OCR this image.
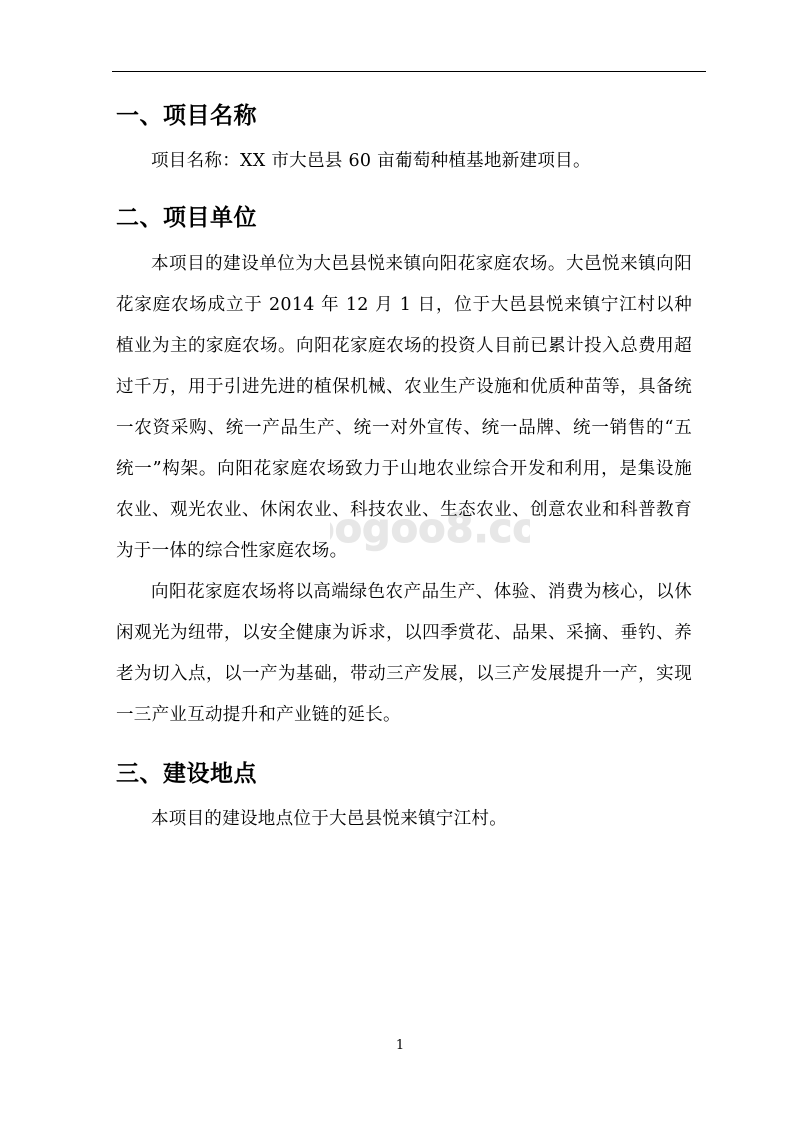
一、项目名称

项目名称：XX 市大邑县 60 亩葡萄种植基地新建项目。

二、项目单位

本项目的建设单位为大邑县悦来镇向阳花家庭农场。大邑悦来镇向阳花家庭农场成立于 2014 年 12 月 1 日，位于大邑县悦来镇宁江村以种植业为主的家庭农场。向阳花家庭农场的投资人目前已累计投入总费用超过千万，用于引进先进的植保机械、农业生产设施和优质种苗等，具备统一农资采购、统一产品生产、统一对外宣传、统一品牌、统一销售的“五统一”构架。向阳花家庭农场致力于山地农业综合开发和利用，是集设施农业、观光农业、休闲农业、科技农业、生态农业、创意农业和科普教育为于一体的综合性家庭农场。

向阳花家庭农场将以高端绿色农产品生产、体验、消费为核心，以休闲观光为纽带，以安全健康为诉求，以四季赏花、品果、采摘、垂钓、养老为切入点，以一产为基础，带动三产发展，以三产发展提升一产，实现一三产业互动提升和产业链的延长。

三、建设地点

本项目的建设地点位于大邑县悦来镇宁江村。

ogoo8.co
1
